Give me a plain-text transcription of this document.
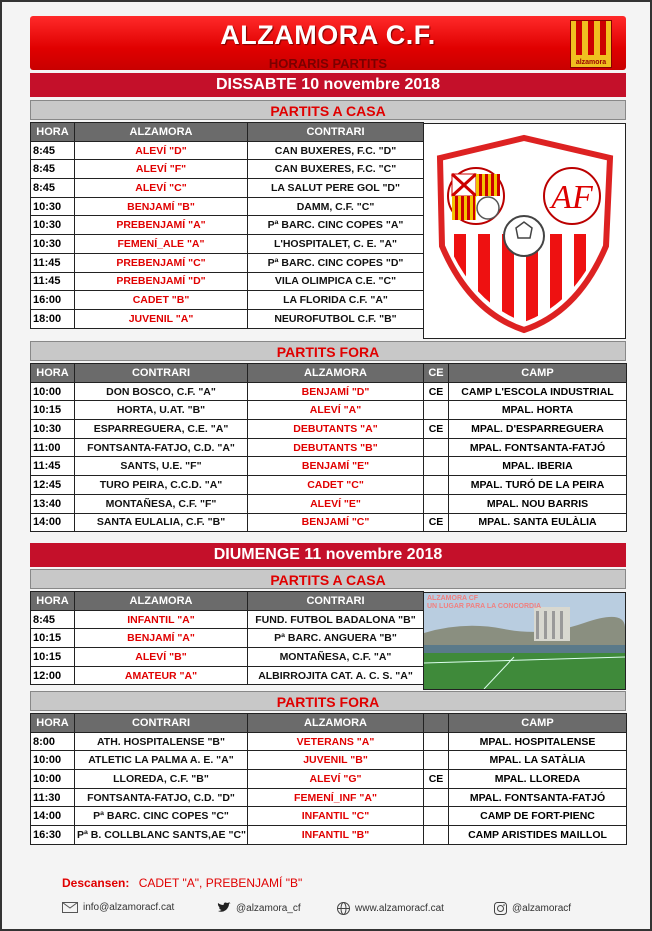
ALZAMORA C.F.
HORARIS PARTITS	alzamora
DISSABTE 10 novembre 2018
PARTITS A CASA
HORA	ALZAMORA	CONTRARI
8:45	ALEVÍ "D"	CAN BUXERES, F.C. "D"
8:45	ALEVÍ "F"	CAN BUXERES, F.C. "C"
8:45	ALEVÍ "C"	LA SALUT PERE GOL "D"
10:30	BENJAMÍ "B"	DAMM, C.F. "C"
10:30	PREBENJAMÍ "A"	Pª BARC. CINC COPES "A"
10:30	FEMENÍ_ALE "A"	L'HOSPITALET, C. E. "A"
11:45	PREBENJAMÍ "C"	Pª BARC. CINC COPES "D"
11:45	PREBENJAMÍ "D"	VILA OLIMPICA C.E. "C"
16:00	CADET "B"	LA FLORIDA C.F. "A"
18:00	JUVENIL "A"	NEUROFUTBOL C.F. "B"
AF
PARTITS FORA
HORA	CONTRARI	ALZAMORA	CE	CAMP
10:00	DON BOSCO, C.F. "A"	BENJAMÍ "D"	CE	CAMP L'ESCOLA INDUSTRIAL
10:15	HORTA, U.AT. "B"	ALEVÍ "A"		MPAL. HORTA
10:30	ESPARREGUERA, C.E. "A"	DEBUTANTS "A"	CE	MPAL. D'ESPARREGUERA
11:00	FONTSANTA-FATJO, C.D. "A"	DEBUTANTS "B"		MPAL. FONTSANTA-FATJÓ
11:45	SANTS, U.E. "F"	BENJAMÍ "E"		MPAL. IBERIA
12:45	TURO PEIRA, C.C.D. "A"	CADET "C"		MPAL. TURÓ DE LA PEIRA
13:40	MONTAÑESA, C.F. "F"	ALEVÍ "E"		MPAL. NOU BARRIS
14:00	SANTA EULALIA, C.F. "B"	BENJAMÍ "C"	CE	MPAL. SANTA EULÀLIA
DIUMENGE 11 novembre 2018
PARTITS A CASA
HORA	ALZAMORA	CONTRARI
8:45	INFANTIL "A"	FUND. FUTBOL BADALONA "B"
10:15	BENJAMÍ "A"	Pª BARC. ANGUERA "B"
10:15	ALEVÍ "B"	MONTAÑESA, C.F. "A"
12:00	AMATEUR "A"	ALBIRROJITA CAT. A. C. S. "A"
ALZAMORA CF
UN LUGAR PARA LA CONCORDIA
PARTITS FORA
HORA	CONTRARI	ALZAMORA		CAMP
8:00	ATH. HOSPITALENSE "B"	VETERANS "A"		MPAL. HOSPITALENSE
10:00	ATLETIC LA PALMA A. E. "A"	JUVENIL "B"		MPAL. LA SATÀLIA
10:00	LLOREDA, C.F. "B"	ALEVÍ "G"	CE	MPAL. LLOREDA
11:30	FONTSANTA-FATJO, C.D. "D"	FEMENÍ_INF "A"		MPAL. FONTSANTA-FATJÓ
14:00	Pª BARC. CINC COPES "C"	INFANTIL "C"		CAMP DE FORT-PIENC
16:30	Pª B. COLLBLANC SANTS,AE "C"	INFANTIL "B"		CAMP ARISTIDES MAILLOL
Descansen: CADET "A", PREBENJAMÍ "B"
info@alzamoracf.cat	@alzamora_cf	www.alzamoracf.cat	@alzamoracf
